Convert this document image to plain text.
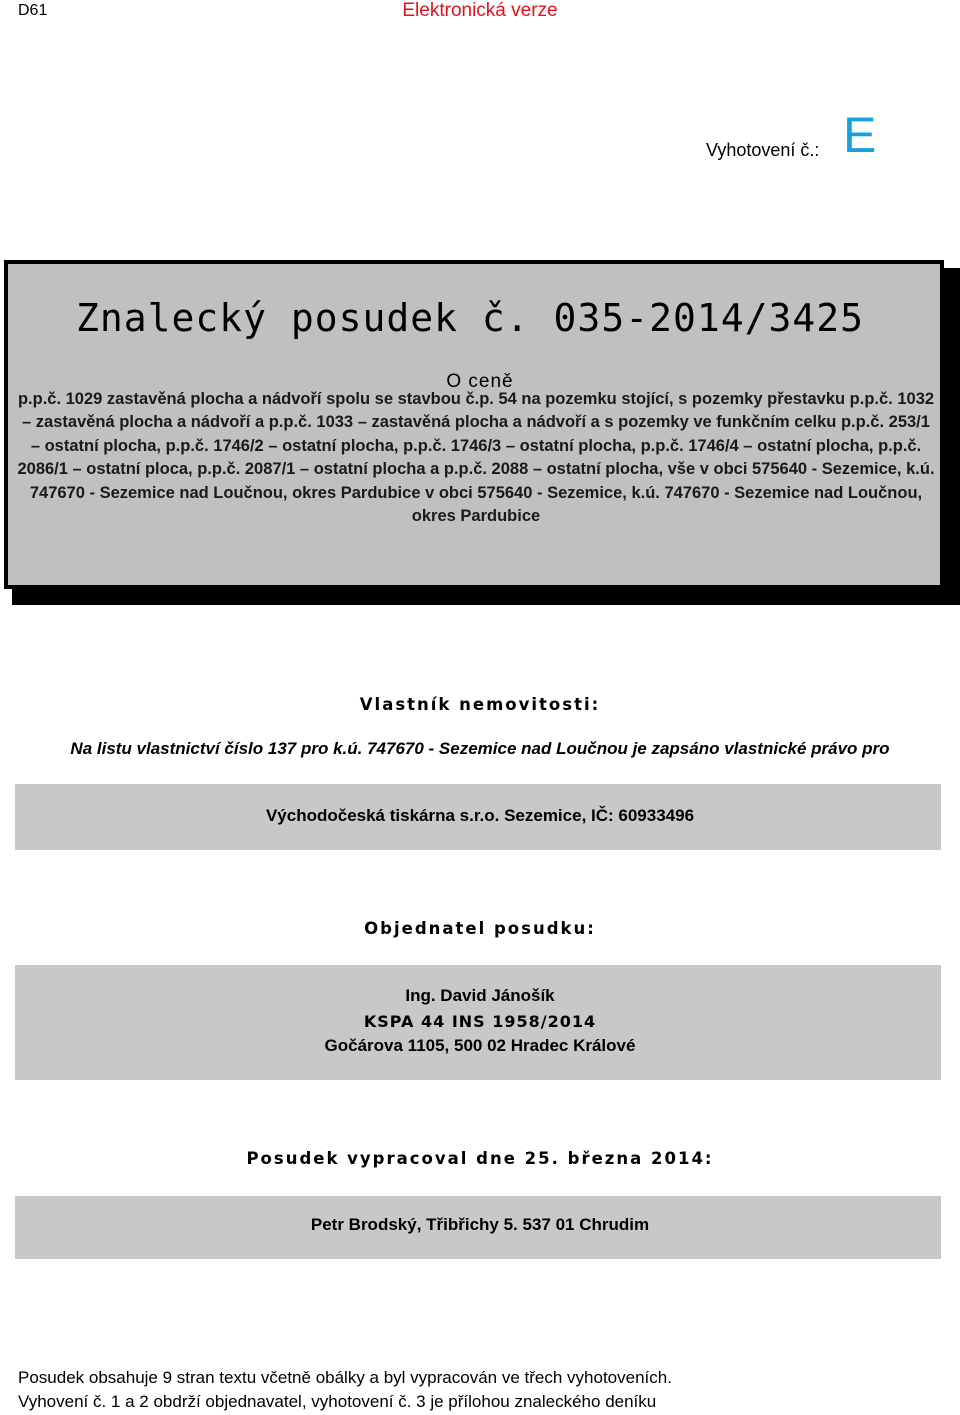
D61	Elektronická verze
Vyhotovení č.: E
Znalecký posudek č. 035-2014/3425
O ceně
p.p.č. 1029 zastavěná plocha a nádvoří spolu se stavbou č.p. 54 na pozemku stojící, s pozemky přestavku p.p.č. 1032 – zastavěná plocha a nádvoří a p.p.č. 1033 – zastavěná plocha a nádvoří a s pozemky ve funkčním celku p.p.č. 253/1 – ostatní plocha, p.p.č. 1746/2 – ostatní plocha, p.p.č. 1746/3 – ostatní plocha, p.p.č. 1746/4 – ostatní plocha, p.p.č. 2086/1 – ostatní ploca, p.p.č. 2087/1 – ostatní plocha a p.p.č. 2088 – ostatní plocha, vše v obci 575640 - Sezemice, k.ú. 747670 - Sezemice nad Loučnou, okres Pardubice v obci 575640 - Sezemice, k.ú. 747670 - Sezemice nad Loučnou, okres Pardubice
Vlastník nemovitosti:
Na listu vlastnictví číslo 137 pro k.ú. 747670 - Sezemice nad Loučnou je zapsáno vlastnické právo pro
Východočeská tiskárna s.r.o. Sezemice, IČ: 60933496
Objednatel posudku:
Ing. David Jánošík
KSPA 44 INS 1958/2014
Gočárova 1105, 500 02 Hradec Králové
Posudek vypracoval dne 25. března 2014:
Petr Brodský, Třibřichy 5. 537 01 Chrudim
Posudek obsahuje 9 stran textu včetně obálky a byl vypracován ve třech vyhotoveních.
Vyhovení č. 1 a 2 obdrží objednavatel, vyhotovení č. 3 je přílohou znaleckého deníku
